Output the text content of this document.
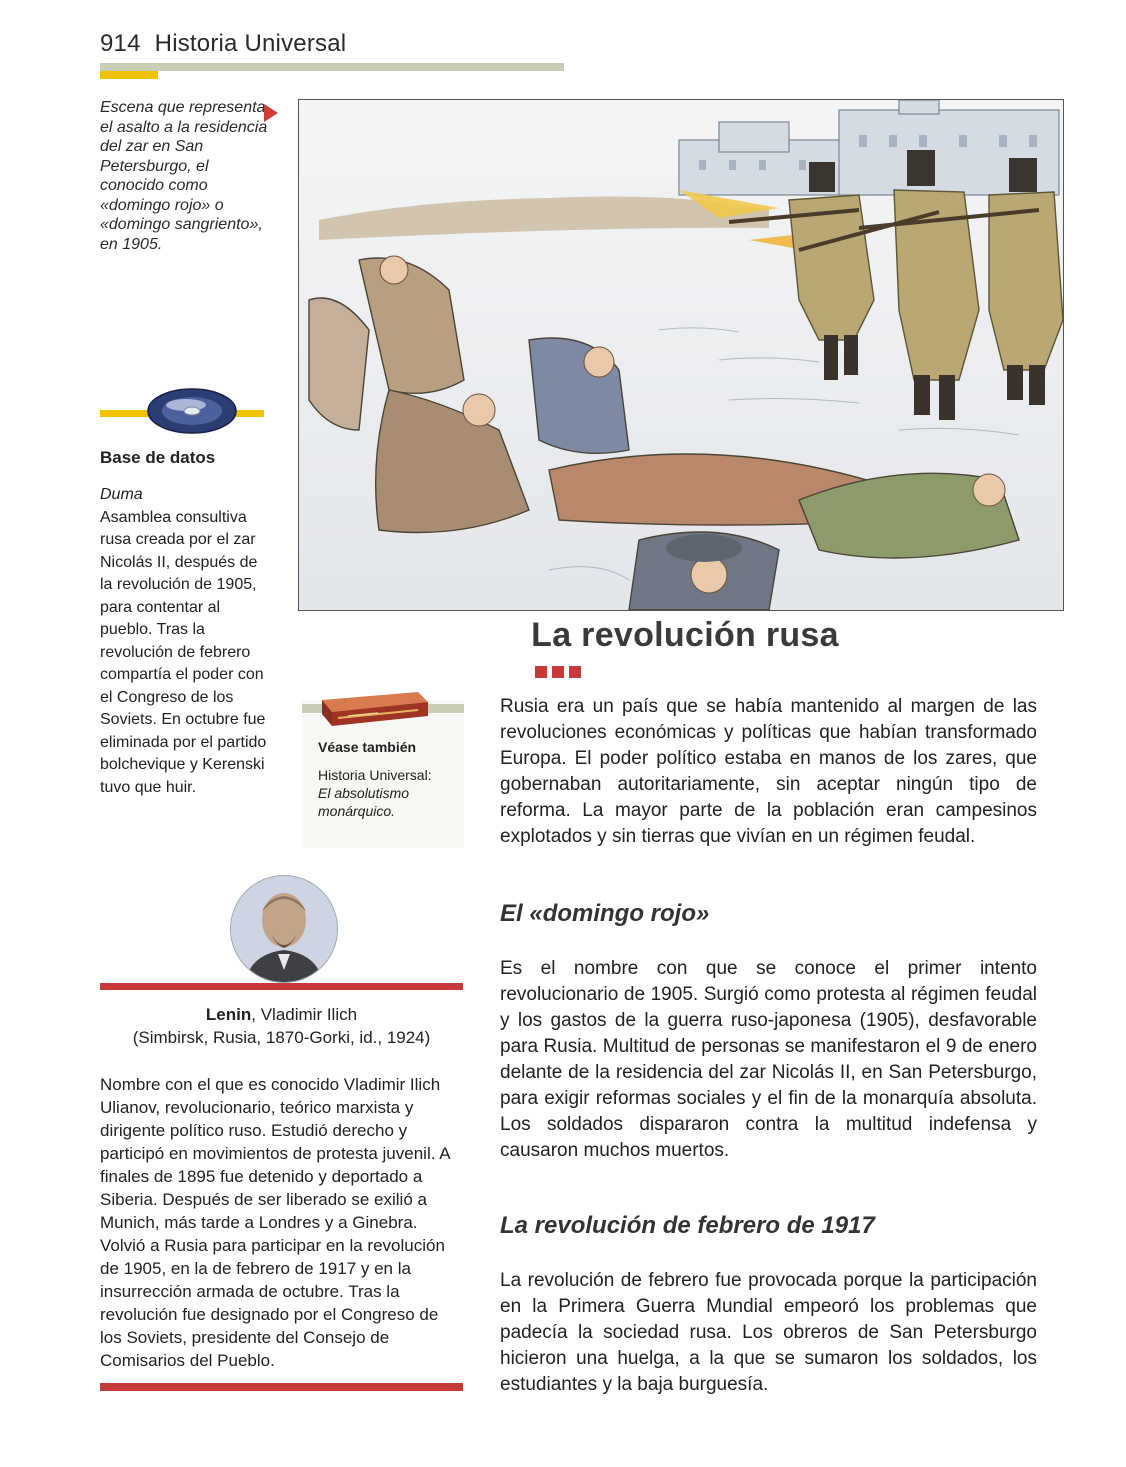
914 Historia Universal
Escena que representa el asalto a la residencia del zar en San Petersburgo, el conocido como «domingo rojo» o «domingo sangriento», en 1905.
La revolución rusa
Base de datos
Duma
Asamblea consultiva rusa creada por el zar Nicolás II, después de la revolución de 1905, para contentar al pueblo. Tras la revolución de febrero compartía el poder con el Congreso de los Soviets. En octubre fue eliminada por el partido bolchevique y Kerenski tuvo que huir.
Véase también
Historia Universal:
El absolutismo monárquico.
Rusia era un país que se había mantenido al margen de las revoluciones económicas y políticas que habían transformado Europa. El poder político estaba en manos de los zares, que gobernaban autoritariamente, sin aceptar ningún tipo de reforma. La mayor parte de la población eran campesinos explotados y sin tierras que vivían en un régimen feudal.
El «domingo rojo»
Es el nombre con que se conoce el primer intento revolucionario de 1905. Surgió como protesta al régimen feudal y los gastos de la guerra ruso-japonesa (1905), desfavorable para Rusia. Multitud de personas se manifestaron el 9 de enero delante de la residencia del zar Nicolás II, en San Petersburgo, para exigir reformas sociales y el fin de la monarquía absoluta. Los soldados dispararon contra la multitud indefensa y causaron muchos muertos.
La revolución de febrero de 1917
La revolución de febrero fue provocada porque la participación en la Primera Guerra Mundial empeoró los problemas que padecía la sociedad rusa. Los obreros de San Petersburgo hicieron una huelga, a la que se sumaron los soldados, los estudiantes y la baja burguesía.
Lenin, Vladimir Ilich
(Simbirsk, Rusia, 1870-Gorki, id., 1924)
Nombre con el que es conocido Vladimir Ilich Ulianov, revolucionario, teórico marxista y dirigente político ruso. Estudió derecho y participó en movimientos de protesta juvenil. A finales de 1895 fue detenido y deportado a Siberia. Después de ser liberado se exilió a Munich, más tarde a Londres y a Ginebra. Volvió a Rusia para participar en la revolución de 1905, en la de febrero de 1917 y en la insurrección armada de octubre. Tras la revolución fue designado por el Congreso de los Soviets, presidente del Consejo de Comisarios del Pueblo.
